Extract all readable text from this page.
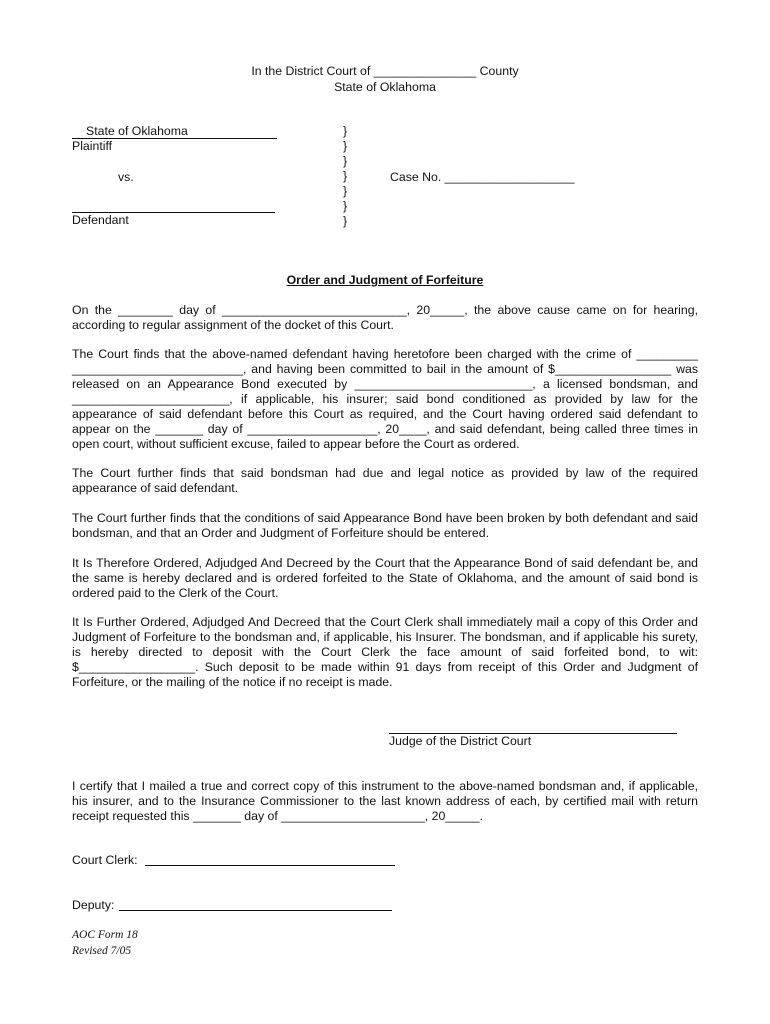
In the District Court of _______________ County
State of Oklahoma
State of Oklahoma
Plaintiff
vs.
Defendant
Case No. ___________________
}
}
}
}
}
}
}
Order and Judgment of Forfeiture
On the ________ day of ___________________________, 20_____, the above cause came on for hearing, according to regular assignment of the docket of this Court.
The Court finds that the above-named defendant having heretofore been charged with the crime of _________ _________________________, and having been committed to bail in the amount of $_________________ was released on an Appearance Bond executed by __________________________, a licensed bondsman, and _______________________, if applicable, his insurer; said bond conditioned as provided by law for the appearance of said defendant before this Court as required, and the Court having ordered said defendant to appear on the _______ day of ___________________, 20____, and said defendant, being called three times in open court, without sufficient excuse, failed to appear before the Court as ordered.
The Court further finds that said bondsman had due and legal notice as provided by law of the required appearance of said defendant.
The Court further finds that the conditions of said Appearance Bond have been broken by both defendant and said bondsman, and that an Order and Judgment of Forfeiture should be entered.
It Is Therefore Ordered, Adjudged And Decreed by the Court that the Appearance Bond of said defendant be, and the same is hereby declared and is ordered forfeited to the State of Oklahoma, and the amount of said bond is ordered paid to the Clerk of the Court.
It Is Further Ordered, Adjudged And Decreed that the Court Clerk shall immediately mail a copy of this Order and Judgment of Forfeiture to the bondsman and, if applicable, his Insurer. The bondsman, and if applicable his surety, is hereby directed to deposit with the Court Clerk the face amount of said forfeited bond, to wit: $_________________. Such deposit to be made within 91 days from receipt of this Order and Judgment of Forfeiture, or the mailing of the notice if no receipt is made.
Judge of the District Court
I certify that I mailed a true and correct copy of this instrument to the above-named bondsman and, if applicable, his insurer, and to the Insurance Commissioner to the last known address of each, by certified mail with return receipt requested this _______ day of _____________________, 20_____.
Court Clerk:
Deputy:
AOC Form 18
Revised 7/05
